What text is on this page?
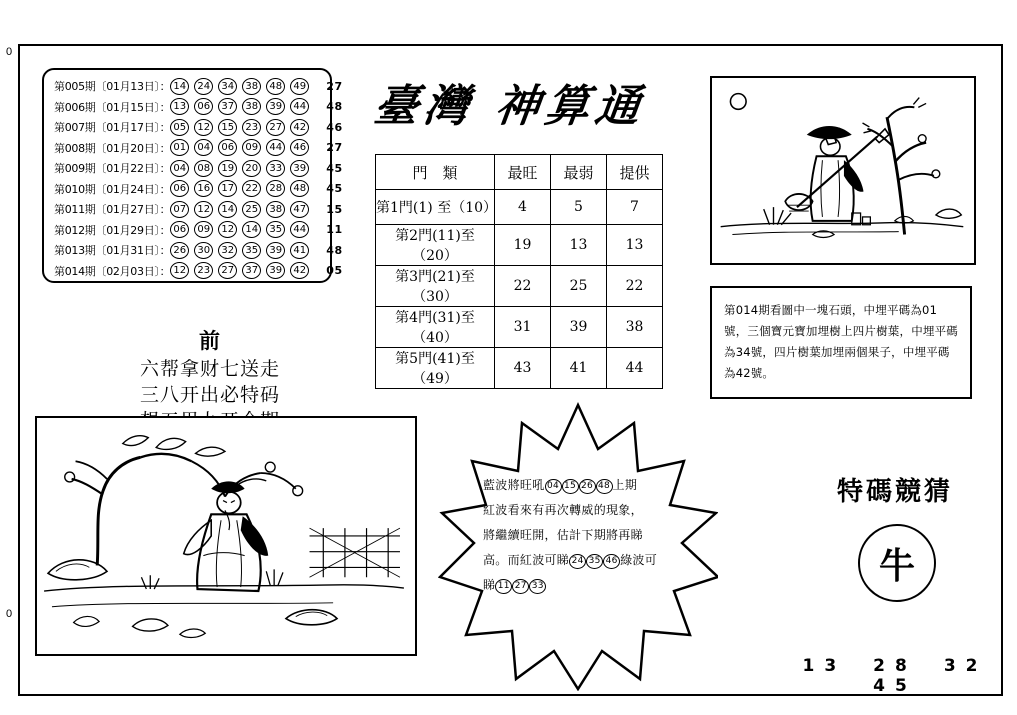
0
0
第005期〔01月13日〕： 14	24	34	38	48	49 27
第006期〔01月15日〕： 13	06	37	38	39	44 48
第007期〔01月17日〕： 05	12	15	23	27	42 46
第008期〔01月20日〕： 01	04	06	09	44	46 27
第009期〔01月22日〕： 04	08	19	20	33	39 45
第010期〔01月24日〕： 06	16	17	22	28	48 45
第011期〔01月27日〕： 07	12	14	25	38	47 15
第012期〔01月29日〕： 06	09	12	14	35	44 11
第013期〔01月31日〕： 26	30	32	35	39	41 48
第014期〔02月03日〕： 12	23	27	37	39	42 05
臺灣 神算通
門　類	最旺	最弱	提供
第1門(1) 至（10）	4	5	7
第2門(11)至（20）	19	13	13
第3門(21)至（30）	22	25	22
第4門(31)至（40）	31	39	38
第5門(41)至（49）	43	41	44
前
六帮拿财七送走
三八开出必特码
第014期看圖中一塊石頭，中埋平碼為01號，三個寶元寶加埋樹上四片樹葉，中埋平碼為34號，四片樹葉加埋兩個果子，中埋平碼為42號。
藍波將旺吼 04 15 26 48 上期
紅波看來有再次轉威的現象，
將繼續旺開，估計下期將再睇
高。而紅波可睇 24 35 46 綠波可
睇 11 27 33
特碼競猜
牛
13　28　32　45
